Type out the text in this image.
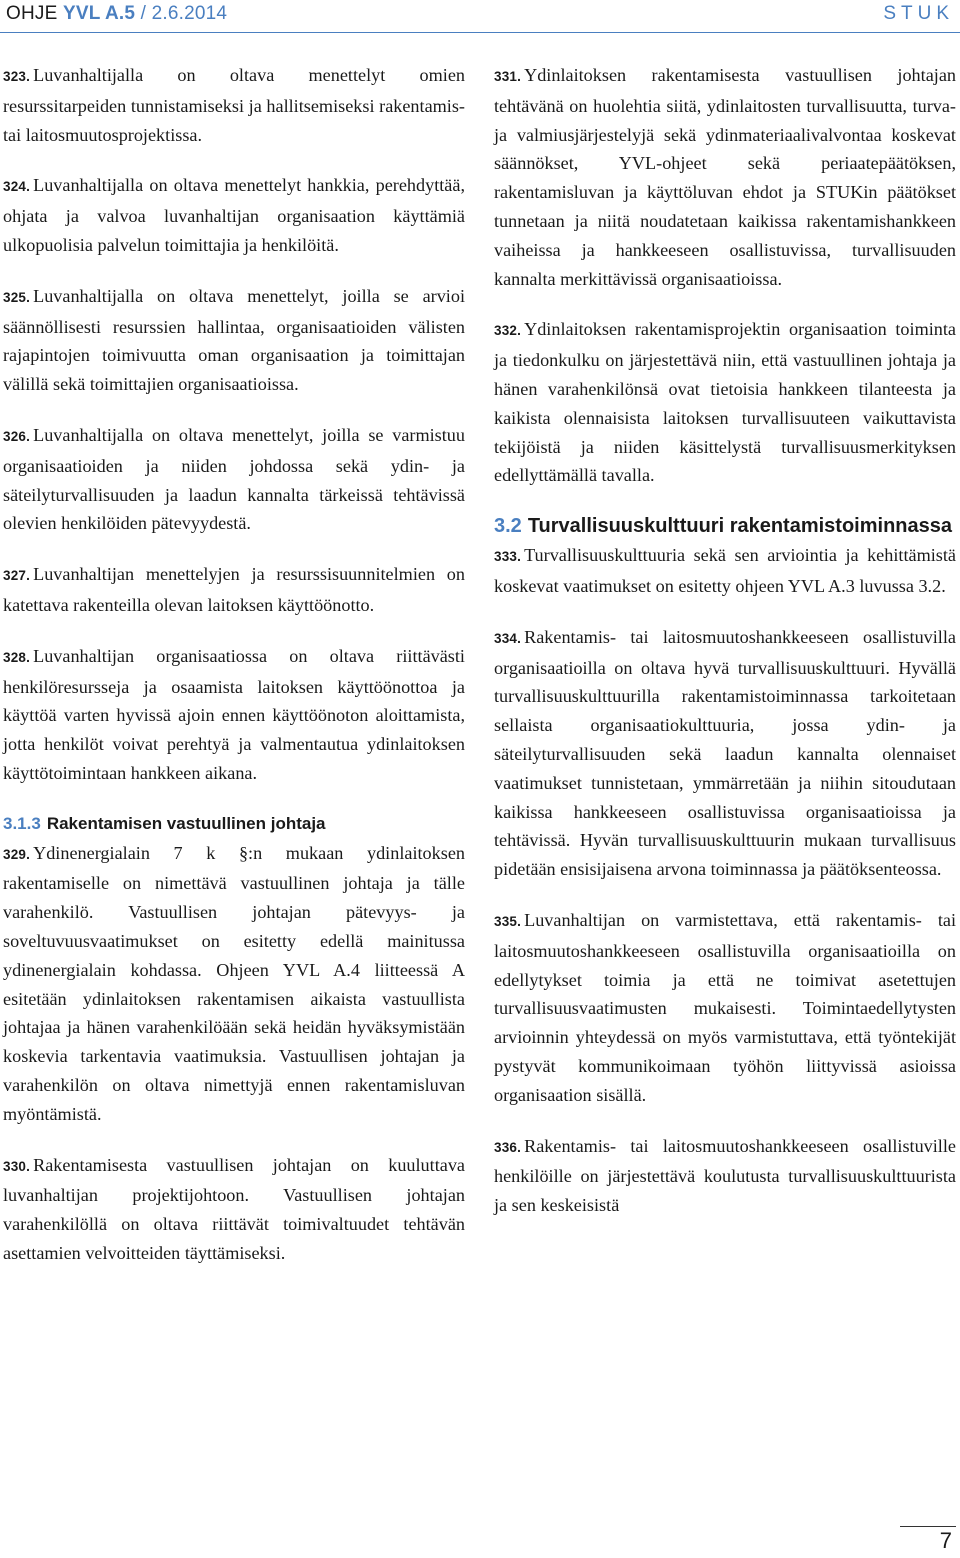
OHJE YVL A.5 / 2.6.2014	STUK

323. Luvanhaltijalla on oltava menettelyt omien resurssitarpeiden tunnistamiseksi ja hallitsemiseksi rakentamis- tai laitosmuutosprojektissa.

324. Luvanhaltijalla on oltava menettelyt hankkia, perehdyttää, ohjata ja valvoa luvanhaltijan organisaation käyttämiä ulkopuolisia palvelun toimittajia ja henkilöitä.

325. Luvanhaltijalla on oltava menettelyt, joilla se arvioi säännöllisesti resurssien hallintaa, organisaatioiden välisten rajapintojen toimivuutta oman organisaation ja toimittajan välillä sekä toimittajien organisaatioissa.

326. Luvanhaltijalla on oltava menettelyt, joilla se varmistuu organisaatioiden ja niiden johdossa sekä ydin- ja säteilyturvallisuuden ja laadun kannalta tärkeissä tehtävissä olevien henkilöiden pätevyydestä.

327. Luvanhaltijan menettelyjen ja resurssisuunnitelmien on katettava rakenteilla olevan laitoksen käyttöönotto.

328. Luvanhaltijan organisaatiossa on oltava riittävästi henkilöresursseja ja osaamista laitoksen käyttöönottoa ja käyttöä varten hyvissä ajoin ennen käyttöönoton aloittamista, jotta henkilöt voivat perehtyä ja valmentautua ydinlaitoksen käyttötoimintaan hankkeen aikana.

3.1.3 Rakentamisen vastuullinen johtaja

329. Ydinenergialain 7 k §:n mukaan ydinlaitoksen rakentamiselle on nimettävä vastuullinen johtaja ja tälle varahenkilö. Vastuullisen johtajan pätevyys- ja soveltuvuusvaatimukset on esitetty edellä mainitussa ydinenergialain kohdassa. Ohjeen YVL A.4 liitteessä A esitetään ydinlaitoksen rakentamisen aikaista vastuullista johtajaa ja hänen varahenkilöään sekä heidän hyväksymistään koskevia tarkentavia vaatimuksia. Vastuullisen johtajan ja varahenkilön on oltava nimettyjä ennen rakentamisluvan myöntämistä.

330. Rakentamisesta vastuullisen johtajan on kuuluttava luvanhaltijan projektijohtoon. Vastuullisen johtajan varahenkilöllä on oltava riittävät toimivaltuudet tehtävän asettamien velvoitteiden täyttämiseksi.

331. Ydinlaitoksen rakentamisesta vastuullisen johtajan tehtävänä on huolehtia siitä, ydinlaitosten turvallisuutta, turva- ja valmiusjärjestelyjä sekä ydinmateriaalivalvontaa koskevat säännökset, YVL-ohjeet sekä periaatepäätöksen, rakentamisluvan ja käyttöluvan ehdot ja STUKin päätökset tunnetaan ja niitä noudatetaan kaikissa rakentamishankkeen vaiheissa ja hankkeeseen osallistuvissa, turvallisuuden kannalta merkittävissä organisaatioissa.

332. Ydinlaitoksen rakentamisprojektin organisaation toiminta ja tiedonkulku on järjestettävä niin, että vastuullinen johtaja ja hänen varahenkilönsä ovat tietoisia hankkeen tilanteesta ja kaikista olennaisista laitoksen turvallisuuteen vaikuttavista tekijöistä ja niiden käsittelystä turvallisuusmerkityksen edellyttämällä tavalla.

3.2 Turvallisuuskulttuuri rakentamistoiminnassa

333. Turvallisuuskulttuuria sekä sen arviointia ja kehittämistä koskevat vaatimukset on esitetty ohjeen YVL A.3 luvussa 3.2.

334. Rakentamis- tai laitosmuutoshankkeeseen osallistuvilla organisaatioilla on oltava hyvä turvallisuuskulttuuri. Hyvällä turvallisuuskulttuurilla rakentamistoiminnassa tarkoitetaan sellaista organisaatiokulttuuria, jossa ydin- ja säteilyturvallisuuden sekä laadun kannalta olennaiset vaatimukset tunnistetaan, ymmärretään ja niihin sitoudutaan kaikissa hankkeeseen osallistuvissa organisaatioissa ja tehtävissä. Hyvän turvallisuuskulttuurin mukaan turvallisuus pidetään ensisijaisena arvona toiminnassa ja päätöksenteossa.

335. Luvanhaltijan on varmistettava, että rakentamis- tai laitosmuutoshankkeeseen osallistuvilla organisaatioilla on edellytykset toimia ja että ne toimivat asetettujen turvallisuusvaatimusten mukaisesti. Toimintaedellytysten arvioinnin yhteydessä on myös varmistuttava, että työntekijät pystyvät kommunikoimaan työhön liittyvissä asioissa organisaation sisällä.

336. Rakentamis- tai laitosmuutoshankkeeseen osallistuville henkilöille on järjestettävä koulutusta turvallisuuskulttuurista ja sen keskeisistä

7
